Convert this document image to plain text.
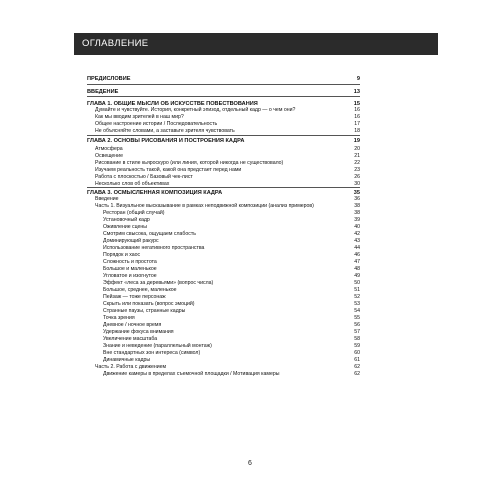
ОГЛАВЛЕНИЕ
ПРЕДИСЛОВИЕ	9
ВВЕДЕНИЕ	13
ГЛАВА 1. ОБЩИЕ МЫСЛИ ОБ ИСКУССТВЕ ПОВЕСТВОВАНИЯ	15
Думайте и чувствуйте. История, конкретный эпизод, отдельный кадр — о чем они?	16
Как мы вводим зрителей в наш мир?	16
Общее настроение истории / Последовательность	17
Не объясняйте словами, а заставьте зрителя чувствовать	18
ГЛАВА 2. ОСНОВЫ РИСОВАНИЯ И ПОСТРОЕНИЯ КАДРА	19
Атмосфера	20
Освещение	21
Рисование в стиле кьяроскуро (или линия, которой никогда не существовало)	22
Изучаем реальность такой, какой она предстает перед нами	23
Работа с плоскостью / Базовый чек-лист	26
Несколько слов об объективах	30
ГЛАВА 3. ОСМЫСЛЕННАЯ КОМПОЗИЦИЯ КАДРА	35
Введение	36
Часть 1. Визуальное высказывание в рамках неподвижной композиции (анализ примеров)	38
Ресторан (общий случай)	38
Установочный кадр	39
Оживление сцены	40
Смотрим свысока, ощущаем слабость	42
Доминирующий ракурс	43
Использование негативного пространства	44
Порядок и хаос	46
Сложность и простота	47
Большое и маленькое	48
Угловатое и изогнутое	49
Эффект «леса за деревьями» (вопрос числа)	50
Большое, среднее, маленькое	51
Пейзаж — тоже персонаж	52
Скрыть или показать (вопрос эмоций)	53
Странные паузы, странные кадры	54
Точка зрения	55
Дневное / ночное время	56
Удержание фокуса внимания	57
Увеличение масштаба	58
Знание и неведение (параллельный монтаж)	59
Вне стандартных зон интереса (символ)	60
Динамичные кадры	61
Часть 2. Работа с движением	62
Движение камеры в пределах съемочной площадки / Мотивация камеры	62
6
